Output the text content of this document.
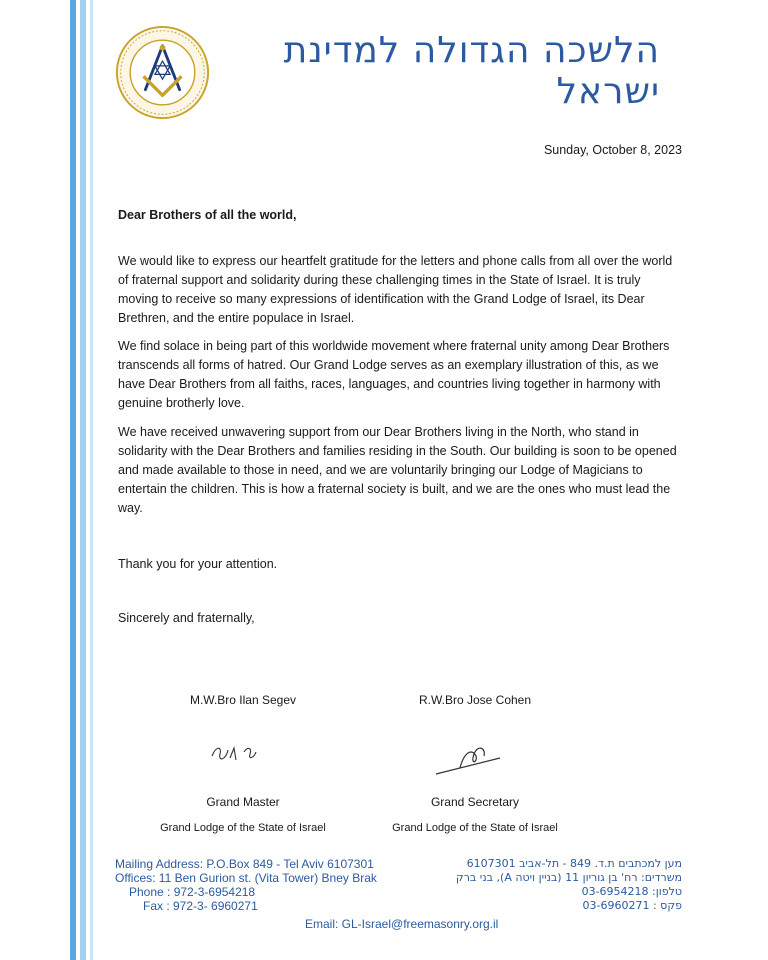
הלשכה הגדולה למדינת ישראל
Sunday, October 8, 2023
Dear Brothers of all the world,

We would like to express our heartfelt gratitude for the letters and phone calls from all over the world of fraternal support and solidarity during these challenging times in the State of Israel. It is truly moving to receive so many expressions of identification with the Grand Lodge of Israel, its Dear Brethren, and the entire populace in Israel.

We find solace in being part of this worldwide movement where fraternal unity among Dear Brothers transcends all forms of hatred. Our Grand Lodge serves as an exemplary illustration of this, as we have Dear Brothers from all faiths, races, languages, and countries living together in harmony with genuine brotherly love.

We have received unwavering support from our Dear Brothers living in the North, who stand in solidarity with the Dear Brothers and families residing in the South. Our building is soon to be opened and made available to those in need, and we are voluntarily bringing our Lodge of Magicians to entertain the children. This is how a fraternal society is built, and we are the ones who must lead the way.

Thank you for your attention.
Sincerely and fraternally,
M.W.Bro Ilan Segev
Grand Master
Grand Lodge of the State of Israel
R.W.Bro Jose Cohen
Grand Secretary
Grand Lodge of the State of Israel
Mailing Address: P.O.Box 849 - Tel Aviv 6107301
Offices: 11 Ben Gurion st. (Vita Tower) Bney Brak
Phone : 972-3-6954218
Fax : 972-3- 6960271
מען למכתבים ת.ד. 849 - תל-אביב 6107301
משרדים: רח' בן גוריון 11 (בניין ויטה A), בני ברק
טלפון: 03-6954218
פקס : 03-6960271
Email: GL-Israel@freemasonry.org.il
